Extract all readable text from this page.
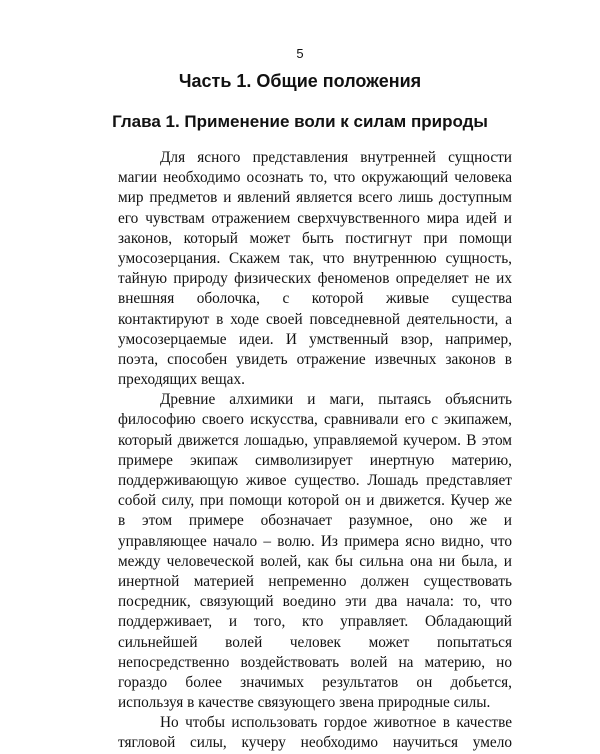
5
Часть 1. Общие положения
Глава 1. Применение воли к силам природы
Для ясного представления внутренней сущности
магии необходимо осознать то, что окружающий человека
мир предметов и явлений является всего лишь доступным
его чувствам отражением сверхчувственного мира идей и
законов, который может быть постигнут при помощи
умосозерцания. Скажем так, что внутреннюю сущность,
тайную природу физических феноменов определяет не их
внешняя оболочка, с которой живые существа
контактируют в ходе своей повседневной деятельности, а
умосозерцаемые идеи. И умственный взор, например,
поэта, способен увидеть отражение извечных законов в
преходящих вещах.
Древние алхимики и маги, пытаясь объяснить
философию своего искусства, сравнивали его с экипажем,
который движется лошадью, управляемой кучером. В этом
примере экипаж символизирует инертную материю,
поддерживающую живое существо. Лошадь представляет
собой силу, при помощи которой он и движется. Кучер же
в этом примере обозначает разумное, оно же и
управляющее начало – волю. Из примера ясно видно, что
между человеческой волей, как бы сильна она ни была, и
инертной материей непременно должен существовать
посредник, связующий воедино эти два начала: то, что
поддерживает, и того, кто управляет. Обладающий
сильнейшей волей человек может попытаться
непосредственно воздействовать волей на материю, но
гораздо более значимых результатов он добьется,
используя в качестве связующего звена природные силы.
Но чтобы использовать гордое животное в качестве
тягловой силы, кучеру необходимо научиться умело
